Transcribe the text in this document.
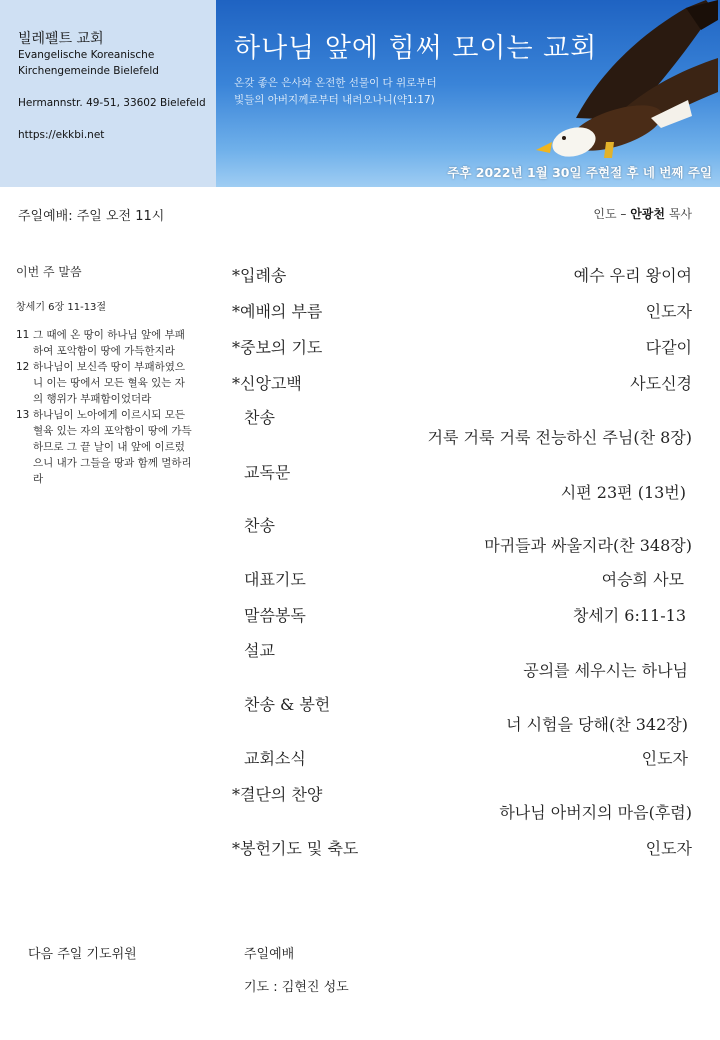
빌레펠트 교회
Evangelische Koreanische
Kirchengemeinde Bielefeld
Hermannstr. 49-51, 33602 Bielefeld
https://ekkbi.net
하나님 앞에 힘써 모이는 교회
온갖 좋은 은사와 온전한 선물이 다 위로부터
빛들의 아버지께로부터 내려오나니(약1:17)
주후 2022년 1월 30일 주현절 후 네 번째 주일
주일예배: 주일 오전 11시	인도 – 안광천 목사
이번 주 말씀
창세기 6장 11-13절
11 그 때에 온 땅이 하나님 앞에 부패하여 포악함이 땅에 가득한지라
12 하나님이 보신즉 땅이 부패하였으니 이는 땅에서 모든 혈육 있는 자의 행위가 부패함이었더라
13 하나님이 노아에게 이르시되 모든 혈육 있는 자의 포악함이 땅에 가득하므로 그 끝 날이 내 앞에 이르렀으니 내가 그들을 땅과 함께 멸하리라
*입례송	예수 우리 왕이여
*예배의 부름	인도자
*중보의 기도	다같이
*신앙고백	사도신경
찬송
거룩 거룩 거룩 전능하신 주님(찬 8장)
교독문
시편 23편 (13번)
찬송
마귀들과 싸울지라(찬 348장)
대표기도	여승희 사모
말씀봉독	창세기 6:11-13
설교
공의를 세우시는 하나님
찬송 & 봉헌
너 시험을 당해(찬 342장)
교회소식	인도자
*결단의 찬양
하나님 아버지의 마음(후렴)
*봉헌기도 및 축도	인도자
다음 주일 기도위원	주일예배
기도 : 김현진 성도
